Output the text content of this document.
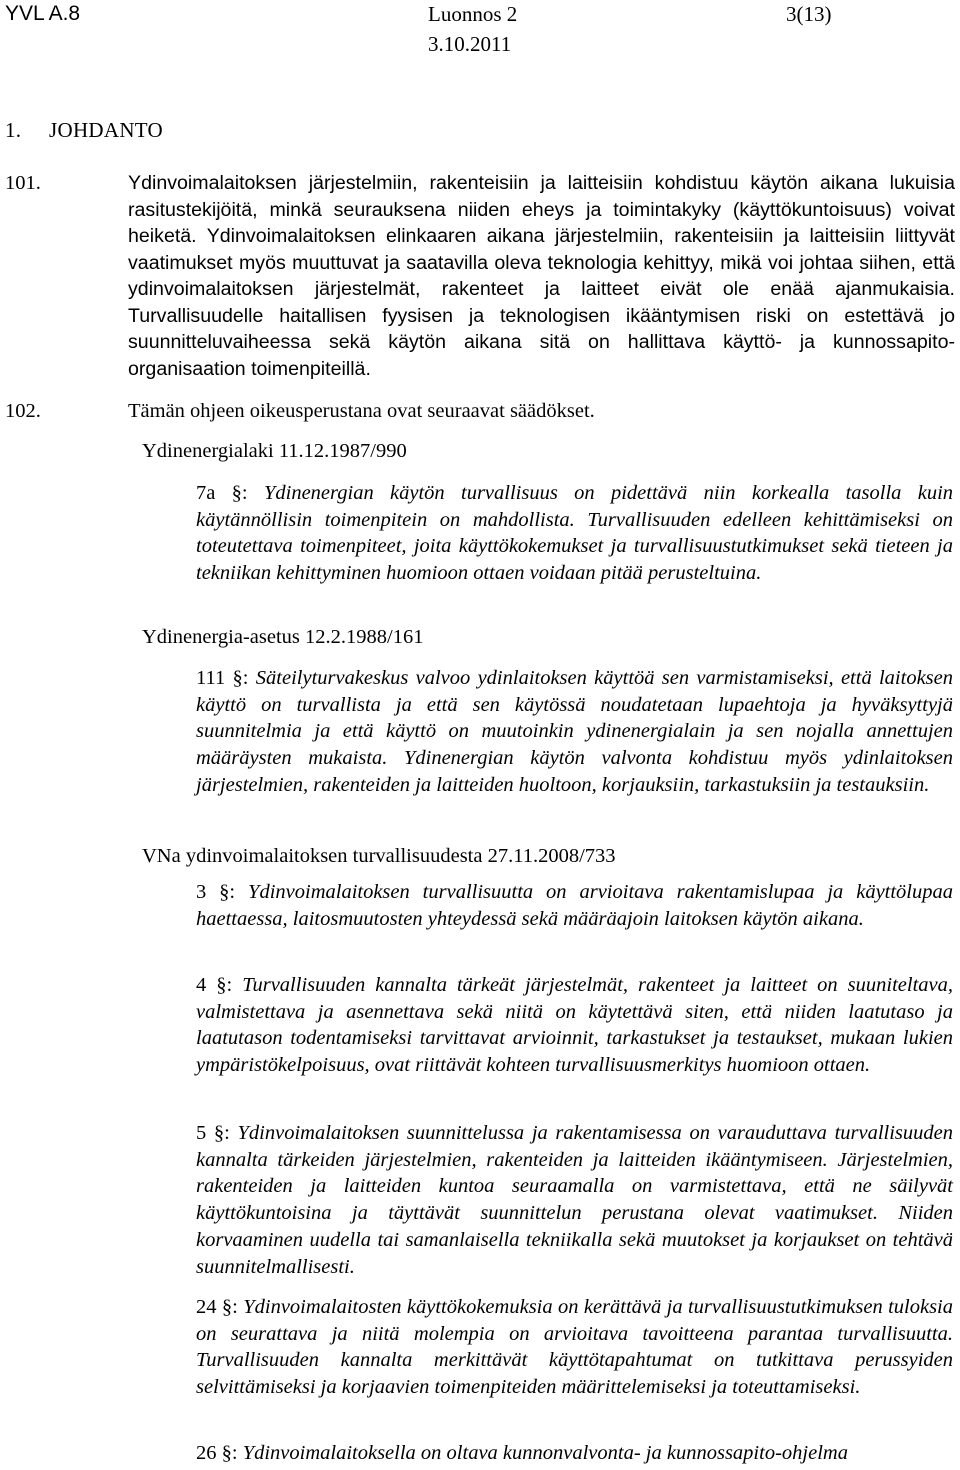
YVL A.8	Luonnos 2	3(13)
3.10.2011
1. JOHDANTO
101.	Ydinvoimalaitoksen järjestelmiin, rakenteisiin ja laitteisiin kohdistuu käytön aikana lukuisia rasitustekijöitä, minkä seurauksena niiden eheys ja toimintakyky (käyttökuntoisuus) voivat heiketä. Ydinvoimalaitoksen elinkaaren aikana järjestelmiin, rakenteisiin ja laitteisiin liittyvät vaatimukset myös muuttuvat ja saatavilla oleva teknologia kehittyy, mikä voi johtaa siihen, että ydinvoimalaitoksen järjestelmät, rakenteet ja laitteet eivät ole enää ajanmukaisia. Turvallisuudelle haitallisen fyysisen ja teknologisen ikääntymisen riski on estettävä jo suunnitteluvaiheessa sekä käytön aikana sitä on hallittava käyttö- ja kunnossapito-organisaation toimenpiteillä.
102.	Tämän ohjeen oikeusperustana ovat seuraavat säädökset.
Ydinenergialaki 11.12.1987/990
7a §: Ydinenergian käytön turvallisuus on pidettävä niin korkealla tasolla kuin käytännöllisin toimenpitein on mahdollista. Turvallisuuden edelleen kehittämiseksi on toteutettava toimenpiteet, joita käyttökokemukset ja turvallisuustutkimukset sekä tieteen ja tekniikan kehittyminen huomioon ottaen voidaan pitää perusteltuina.
Ydinenergia-asetus 12.2.1988/161
111 §: Säteilyturvakeskus valvoo ydinlaitoksen käyttöä sen varmistamiseksi, että laitoksen käyttö on turvallista ja että sen käytössä noudatetaan lupaehtoja ja hyväksyttyjä suunnitelmia ja että käyttö on muutoinkin ydinenergialain ja sen nojalla annettujen määräysten mukaista. Ydinenergian käytön valvonta kohdistuu myös ydinlaitoksen järjestelmien, rakenteiden ja laitteiden huoltoon, korjauksiin, tarkastuksiin ja testauksiin.
VNa ydinvoimalaitoksen turvallisuudesta 27.11.2008/733
3 §: Ydinvoimalaitoksen turvallisuutta on arvioitava rakentamislupaa ja käyttölupaa haettaessa, laitosmuutosten yhteydessä sekä määräajoin laitoksen käytön aikana.
4 §: Turvallisuuden kannalta tärkeät järjestelmät, rakenteet ja laitteet on suuniteltava, valmistettava ja asennettava sekä niitä on käytettävä siten, että niiden laatutaso ja laatutason todentamiseksi tarvittavat arvioinnit, tarkastukset ja testaukset, mukaan lukien ympäristökelpoisuus, ovat riittävät kohteen turvallisuusmerkitys huomioon ottaen.
5 §: Ydinvoimalaitoksen suunnittelussa ja rakentamisessa on varauduttava turvallisuuden kannalta tärkeiden järjestelmien, rakenteiden ja laitteiden ikääntymiseen. Järjestelmien, rakenteiden ja laitteiden kuntoa seuraamalla on varmistettava, että ne säilyvät käyttökuntoisina ja täyttävät suunnittelun perustana olevat vaatimukset. Niiden korvaaminen uudella tai samanlaisella tekniikalla sekä muutokset ja korjaukset on tehtävä suunnitelmallisesti.
24 §: Ydinvoimalaitosten käyttökokemuksia on kerättävä ja turvallisuustutkimuksen tuloksia on seurattava ja niitä molempia on arvioitava tavoitteena parantaa turvallisuutta. Turvallisuuden kannalta merkittävät käyttötapahtumat on tutkittava perussyiden selvittämiseksi ja korjaavien toimenpiteiden määrittelemiseksi ja toteuttamiseksi.
26 §: Ydinvoimalaitoksella on oltava kunnonvalvonta- ja kunnossapito-ohjelma
